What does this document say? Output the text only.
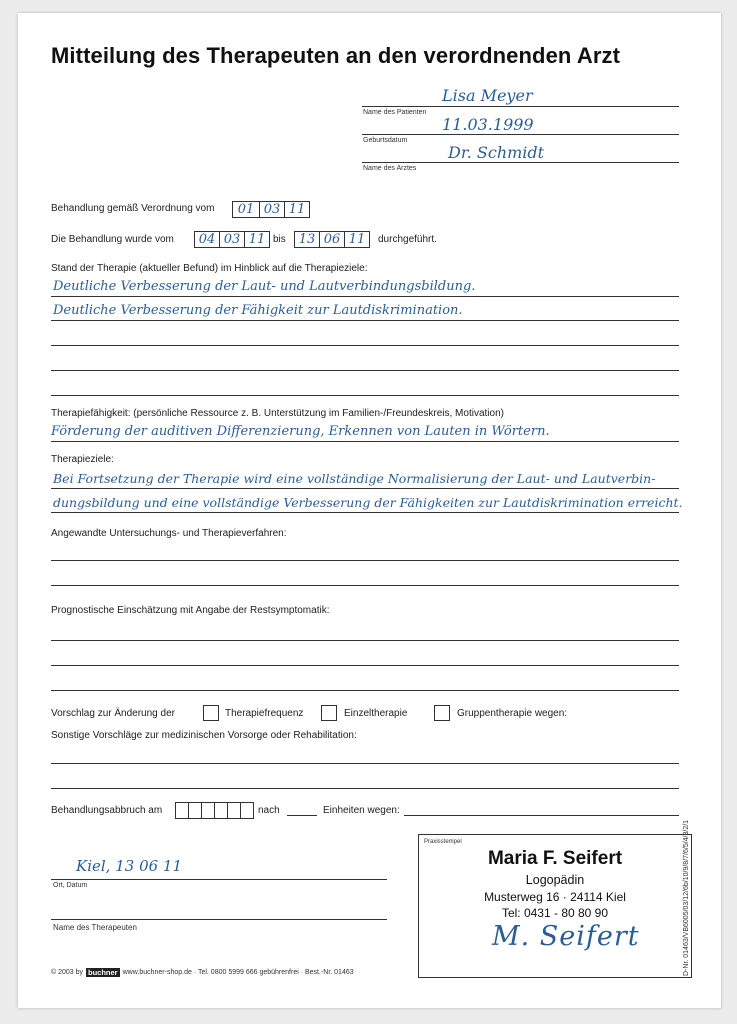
Mitteilung des Therapeuten an den verordnenden Arzt
Lisa Meyer
Name des Patienten
11.03.1999
Geburtsdatum
Dr. Schmidt
Name des Arztes
Behandlung gemäß Verordnung vom	01 03 11
Die Behandlung wurde vom 04 03 11 bis 13 06 11	durchgeführt.
Stand der Therapie (aktueller Befund) im Hinblick auf die Therapieziele:
Deutliche Verbesserung der Laut- und Lautverbindungsbildung.
Deutliche Verbesserung der Fähigkeit zur Lautdiskrimination.
Therapiefähigkeit: (persönliche Ressource z. B. Unterstützung im Familien-/Freundeskreis, Motivation)
Förderung der auditiven Differenzierung, Erkennen von Lauten in Wörtern.
Therapieziele:
Bei Fortsetzung der Therapie wird eine vollständige Normalisierung der Laut- und Lautverbin-
dungsbildung und eine vollständige Verbesserung der Fähigkeiten zur Lautdiskrimination erreicht.
Angewandte Untersuchungs- und Therapieverfahren:
Prognostische Einschätzung mit Angabe der Restsymptomatik:
Vorschlag zur Änderung der	Therapiefrequenz	Einzeltherapie	Gruppentherapie wegen:
Sonstige Vorschläge zur medizinischen Vorsorge oder Rehabilitation:
Behandlungsabbruch am	nach	Einheiten wegen:
Kiel, 13 06 11
Ort, Datum
Name des Therapeuten
Praxisstempel
Maria F. Seifert
Logopädin
Musterweg 16 · 24114 Kiel
Tel: 0431 - 80 80 90
M. Seifert
© 2003 by buchner www.buchner-shop.de · Tel. 0800 5999 666 gebührenfrei · Best.-Nr. 01463	D-Nr. 01463/VB6005/03/12/6b/10/9/8/7/6/5/4/3/2/1
